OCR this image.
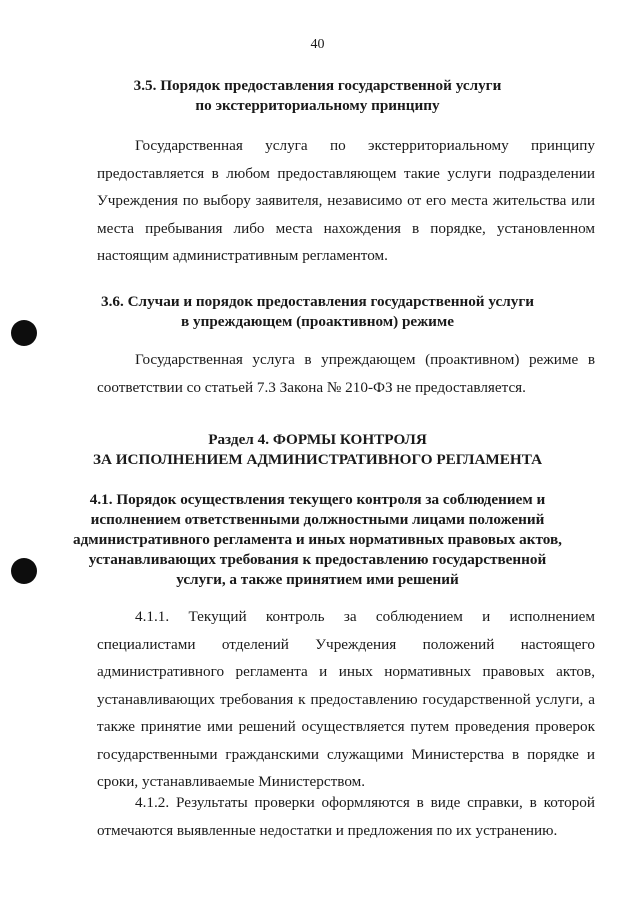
40
3.5. Порядок предоставления государственной услуги
по экстерриториальному принципу
Государственная услуга по экстерриториальному принципу
предоставляется в любом предоставляющем такие услуги подразделении
Учреждения по выбору заявителя, независимо от его места жительства или
места пребывания либо места нахождения в порядке, установленном
настоящим административным регламентом.
3.6. Случаи и порядок предоставления государственной услуги
в упреждающем (проактивном) режиме
Государственная услуга в упреждающем (проактивном) режиме в
соответствии со статьей 7.3 Закона № 210-ФЗ не предоставляется.
Раздел 4. ФОРМЫ КОНТРОЛЯ
ЗА ИСПОЛНЕНИЕМ АДМИНИСТРАТИВНОГО РЕГЛАМЕНТА
4.1. Порядок осуществления текущего контроля за соблюдением и
исполнением ответственными должностными лицами положений
административного регламента и иных нормативных правовых актов,
устанавливающих требования к предоставлению государственной
услуги, а также принятием ими решений
4.1.1. Текущий контроль за соблюдением и исполнением
специалистами отделений Учреждения положений настоящего
административного регламента и иных нормативных правовых актов,
устанавливающих требования к предоставлению государственной услуги, а
также принятие ими решений осуществляется путем проведения проверок
государственными гражданскими служащими Министерства в порядке и
сроки, устанавливаемые Министерством.
4.1.2. Результаты проверки оформляются в виде справки, в которой
отмечаются выявленные недостатки и предложения по их устранению.
